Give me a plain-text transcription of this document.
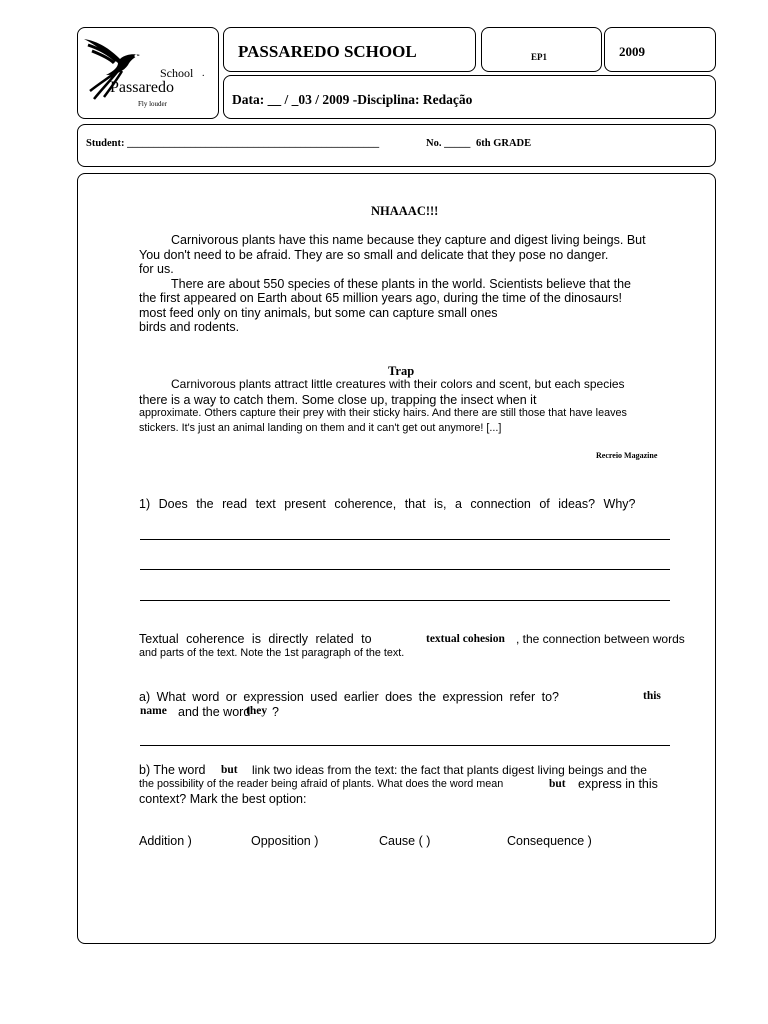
School .
Passaredo
Fly louder
PASSAREDO SCHOOL	EP1	2009
Data: __ / _03 / 2009 -Disciplina: Redação
Student: ________________________________________________	No. _____ 6th GRADE
NHAAAC!!!
Carnivorous plants have this name because they capture and digest living beings. But
You don't need to be afraid. They are so small and delicate that they pose no danger.
for us.
There are about 550 species of these plants in the world. Scientists believe that the
the first appeared on Earth about 65 million years ago, during the time of the dinosaurs!
most feed only on tiny animals, but some can capture small ones
birds and rodents.
Trap
Carnivorous plants attract little creatures with their colors and scent, but each species
there is a way to catch them. Some close up, trapping the insect when it
approximate. Others capture their prey with their sticky hairs. And there are still those that have leaves
stickers. It's just an animal landing on them and it can't get out anymore! [...]
Recreio Magazine
1) Does the read text present coherence, that is, a connection of ideas? Why?
Textual coherence is directly related to	textual cohesion , the connection between words
and parts of the text. Note the 1st paragraph of the text.
a) What word or expression used earlier does the expression refer to?	this
name and the word
they ?
b) The word but link two ideas from the text: the fact that plants digest living beings and the
the possibility of the reader being afraid of plants. What does the word mean	but express in this
context? Mark the best option:
Addition )	Opposition )	Cause ( )	Consequence )
